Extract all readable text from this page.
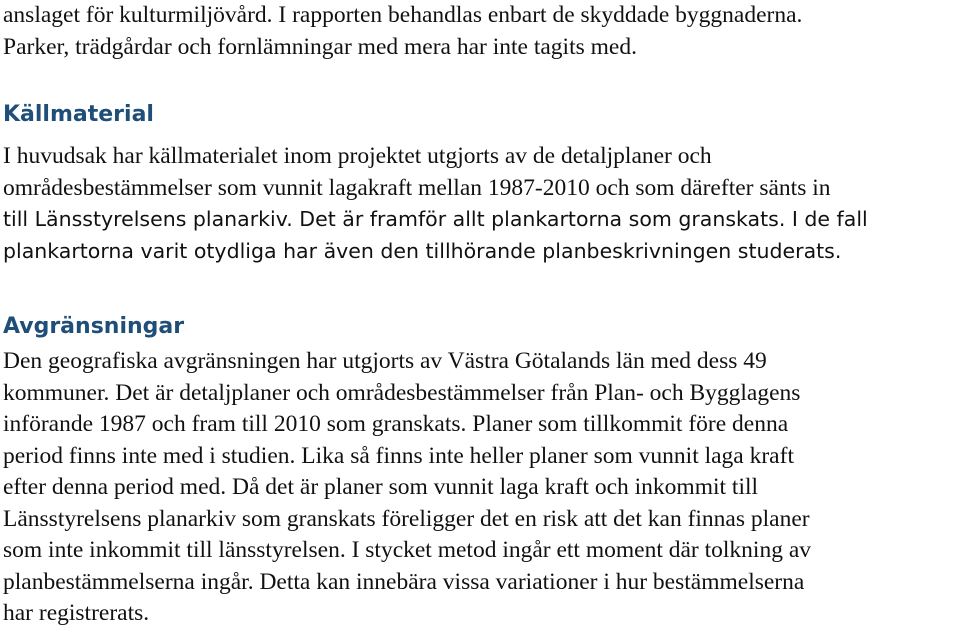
anslaget för kulturmiljövård. I rapporten behandlas enbart de skyddade byggnaderna.
Parker, trädgårdar och fornlämningar med mera har inte tagits med.
Källmaterial
I huvudsak har källmaterialet inom projektet utgjorts av de detaljplaner och
områdesbestämmelser som vunnit lagakraft mellan 1987-2010 och som därefter sänts in
till Länsstyrelsens planarkiv. Det är framför allt plankartorna som granskats. I de fall
plankartorna varit otydliga har även den tillhörande planbeskrivningen studerats.
Avgränsningar
Den geografiska avgränsningen har utgjorts av Västra Götalands län med dess 49
kommuner. Det är detaljplaner och områdesbestämmelser från Plan- och Bygglagens
införande 1987 och fram till 2010 som granskats. Planer som tillkommit före denna
period finns inte med i studien. Lika så finns inte heller planer som vunnit laga kraft
efter denna period med. Då det är planer som vunnit laga kraft och inkommit till
Länsstyrelsens planarkiv som granskats föreligger det en risk att det kan finnas planer
som inte inkommit till länsstyrelsen. I stycket metod ingår ett moment där tolkning av
planbestämmelserna ingår. Detta kan innebära vissa variationer i hur bestämmelserna
har registrerats.
